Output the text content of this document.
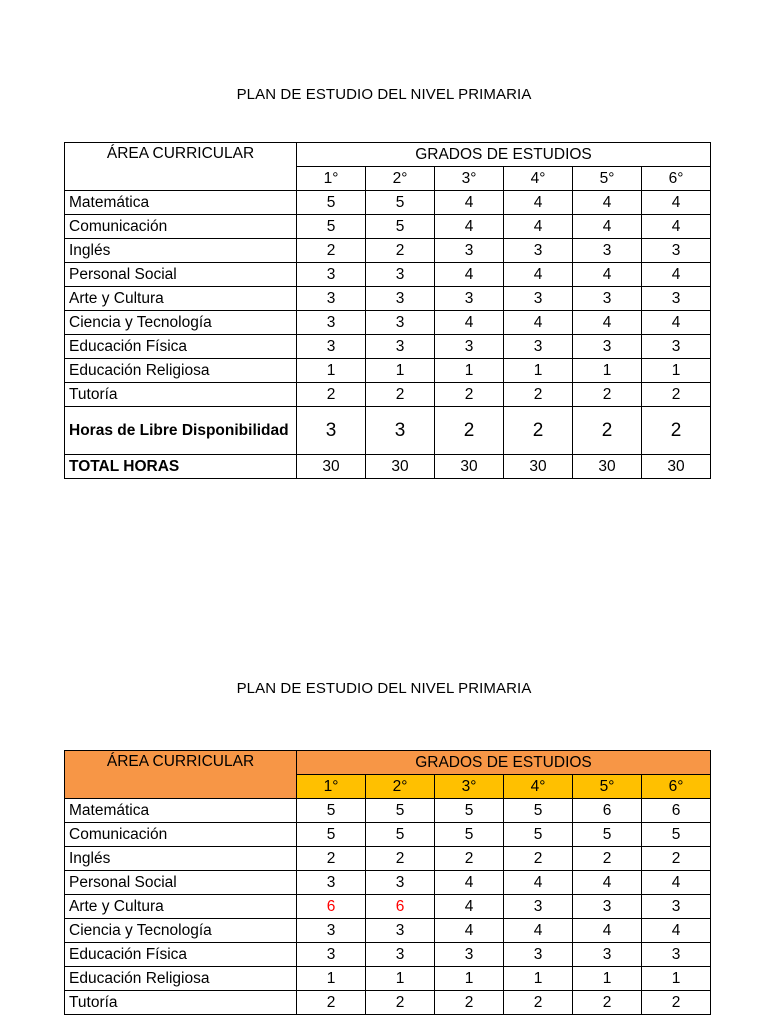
PLAN DE ESTUDIO DEL NIVEL PRIMARIA
ÁREA CURRICULAR	GRADOS DE ESTUDIOS					
	1°	2°	3°	4°	5°	6°
Matemática	5	5	4	4	4	4
Comunicación	5	5	4	4	4	4
Inglés	2	2	3	3	3	3
Personal Social	3	3	4	4	4	4
Arte y Cultura	3	3	3	3	3	3
Ciencia y Tecnología	3	3	4	4	4	4
Educación Física	3	3	3	3	3	3
Educación Religiosa	1	1	1	1	1	1
Tutoría	2	2	2	2	2	2
Horas de Libre Disponibilidad	3	3	2	2	2	2
TOTAL HORAS	30	30	30	30	30	30
PLAN DE ESTUDIO DEL NIVEL PRIMARIA
ÁREA CURRICULAR	GRADOS DE ESTUDIOS					
	1°	2°	3°	4°	5°	6°
Matemática	5	5	5	5	6	6
Comunicación	5	5	5	5	5	5
Inglés	2	2	2	2	2	2
Personal Social	3	3	4	4	4	4
Arte y Cultura	6	6	4	3	3	3
Ciencia y Tecnología	3	3	4	4	4	4
Educación Física	3	3	3	3	3	3
Educación Religiosa	1	1	1	1	1	1
Tutoría	2	2	2	2	2	2
